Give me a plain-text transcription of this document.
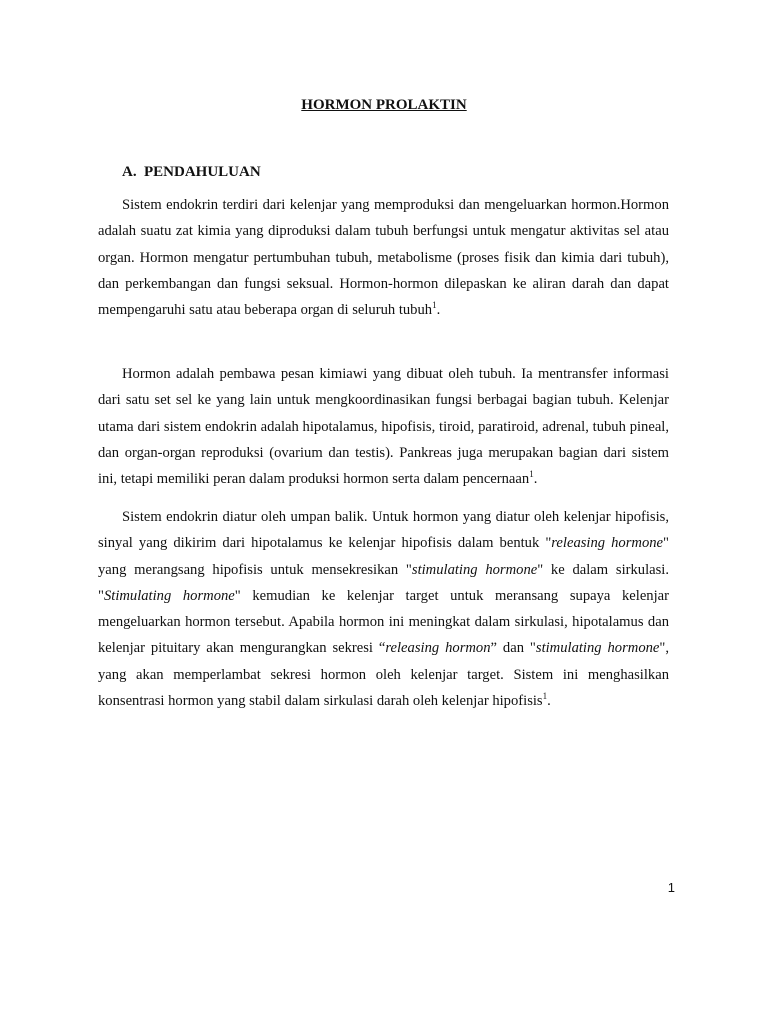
HORMON PROLAKTIN
A. PENDAHULUAN

Sistem endokrin terdiri dari kelenjar yang memproduksi dan mengeluarkan hormon.Hormon adalah suatu zat kimia yang diproduksi dalam tubuh berfungsi untuk mengatur aktivitas sel atau organ. Hormon mengatur pertumbuhan tubuh, metabolisme (proses fisik dan kimia dari tubuh), dan perkembangan dan fungsi seksual. Hormon-hormon dilepaskan ke aliran darah dan dapat mempengaruhi satu atau beberapa organ di seluruh tubuh$^1$.

Hormon adalah pembawa pesan kimiawi yang dibuat oleh tubuh. Ia mentransfer informasi dari satu set sel ke yang lain untuk mengkoordinasikan fungsi berbagai bagian tubuh. Kelenjar utama dari sistem endokrin adalah hipotalamus, hipofisis, tiroid, paratiroid, adrenal, tubuh pineal, dan organ-organ reproduksi (ovarium dan testis). Pankreas juga merupakan bagian dari sistem ini, tetapi memiliki peran dalam produksi hormon serta dalam pencernaan$^1$.

Sistem endokrin diatur oleh umpan balik. Untuk hormon yang diatur oleh kelenjar hipofisis, sinyal yang dikirim dari hipotalamus ke kelenjar hipofisis dalam bentuk "releasing hormone" yang merangsang hipofisis untuk mensekresikan "stimulating hormone" ke dalam sirkulasi. "Stimulating hormone" kemudian ke kelenjar target untuk meransang supaya kelenjar mengeluarkan hormon tersebut. Apabila hormon ini meningkat dalam sirkulasi, hipotalamus dan kelenjar pituitary akan mengurangkan sekresi “releasing hormon” dan "stimulating hormone", yang akan memperlambat sekresi hormon oleh kelenjar target. Sistem ini menghasilkan konsentrasi hormon yang stabil dalam sirkulasi darah oleh kelenjar hipofisis$^1$.

1
